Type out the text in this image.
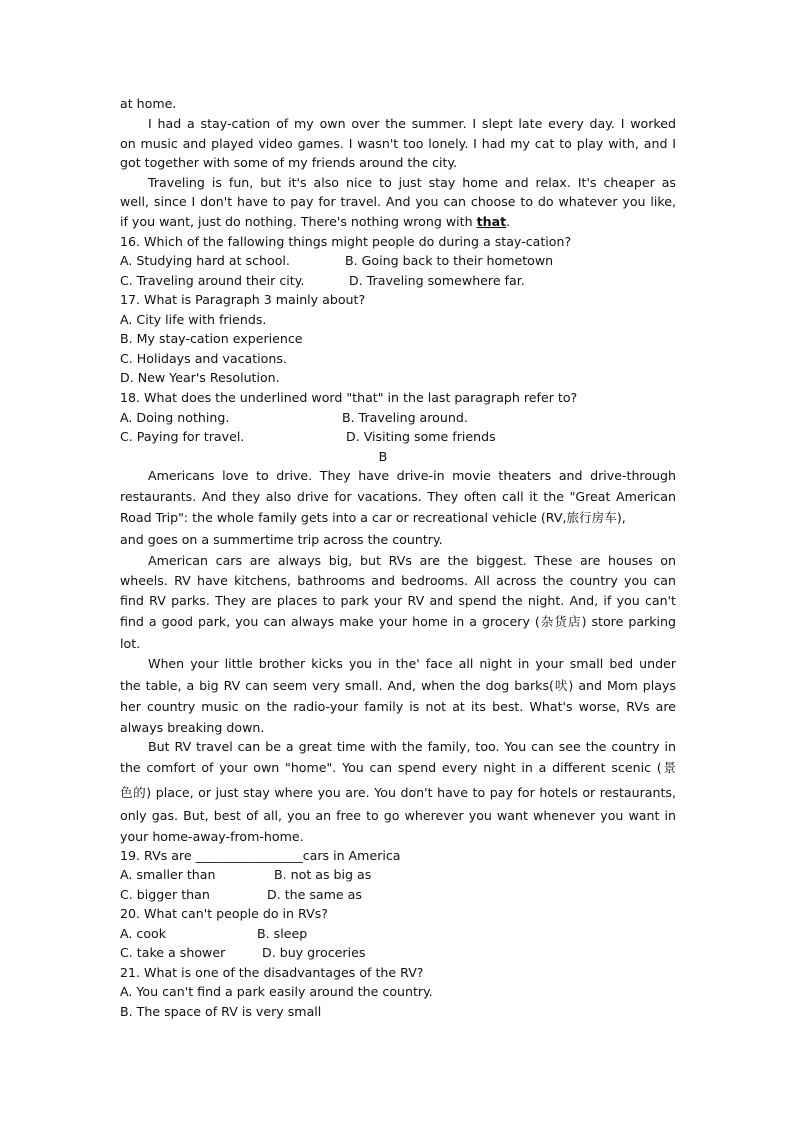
at home.
I had a stay-cation of my own over the summer. I slept late every day. I worked
on music and played video games. I wasn't too lonely. I had my cat to play with, and I
got together with some of my friends around the city.
Traveling is fun, but it's also nice to just stay home and relax. It's cheaper as
well, since I don't have to pay for travel. And you can choose to do whatever you like,
if you want, just do nothing. There's nothing wrong with that.
16. Which of the fallowing things might people do during a stay-cation?
A. Studying hard at school.	B. Going back to their hometown
C. Traveling around their city.	D. Traveling somewhere far.
17. What is Paragraph 3 mainly about?
A. City life with friends.
B. My stay-cation experience
C. Holidays and vacations.
D. New Year's Resolution.
18. What does the underlined word "that" in the last paragraph refer to?
A. Doing nothing.	B. Traveling around.
C. Paying for travel.	D. Visiting some friends
B
Americans love to drive. They have drive-in movie theaters and drive-through
restaurants. And they also drive for vacations. They often call it the "Great American
Road Trip": the whole family gets into a car or recreational vehicle (RV,旅行房车),
and goes on a summertime trip across the country.
American cars are always big, but RVs are the biggest. These are houses on
wheels. RV have kitchens, bathrooms and bedrooms. All across the country you can
find RV parks. They are places to park your RV and spend the night. And, if you can't
find a good park, you can always make your home in a grocery (杂货店) store parking
lot.
When your little brother kicks you in the' face all night in your small bed under
the table, a big RV can seem very small. And, when the dog barks(吠) and Mom plays
her country music on the radio-your family is not at its best. What's worse, RVs are
always breaking down.
But RV travel can be a great time with the family, too. You can see the country in
the comfort of your own "home". You can spend every night in a different scenic (景
色的) place, or just stay where you are. You don't have to pay for hotels or restaurants,
only gas. But, best of all, you an free to go wherever you want whenever you want in
your home-away-from-home.
19. RVs are _________________cars in America
A. smaller than	B. not as big as
C. bigger than	D. the same as
20. What can't people do in RVs?
A. cook	B. sleep
C. take a shower	D. buy groceries
21. What is one of the disadvantages of the RV?
A. You can't find a park easily around the country.
B. The space of RV is very small
